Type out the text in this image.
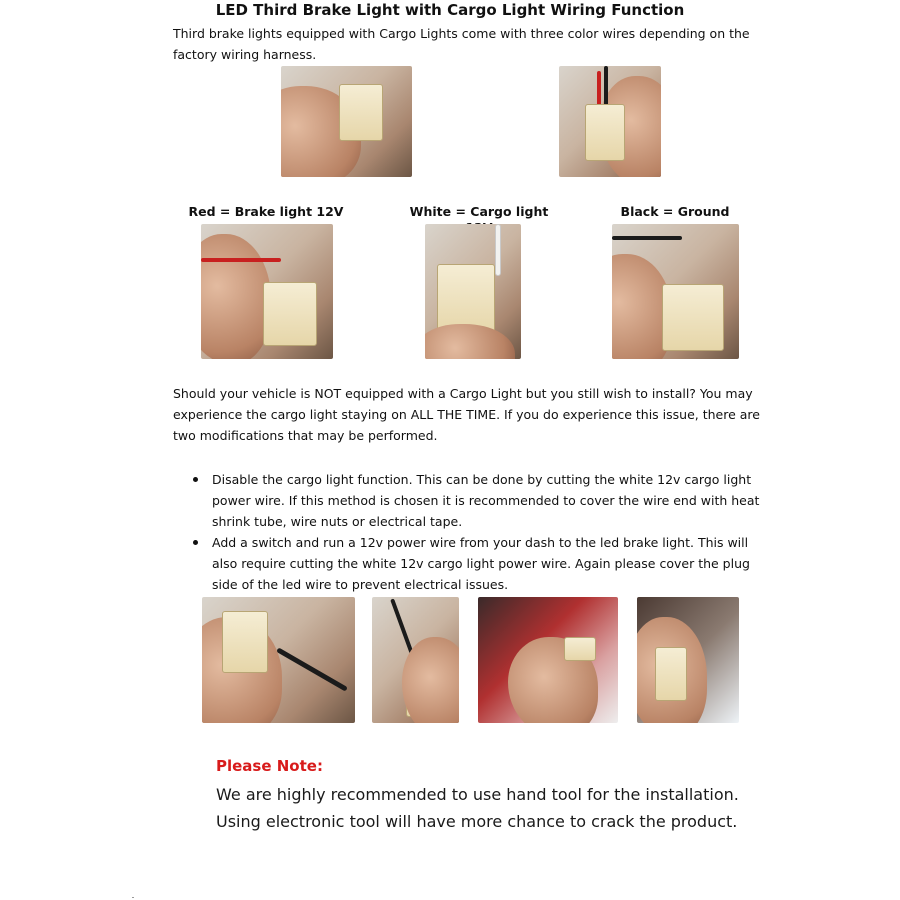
LED Third Brake Light with Cargo Light Wiring Function

Third brake lights equipped with Cargo Lights come with three color wires depending on the factory wiring harness.

Red = Brake light 12V	White = Cargo light	Black = Ground

Should your vehicle is NOT equipped with a Cargo Light but you still wish to install? You may experience the cargo light staying on ALL THE TIME. If you do experience this issue, there are two modifications that may be performed.

Disable the cargo light function. This can be done by cutting the white 12v cargo light power wire. If this method is chosen it is recommended to cover the wire end with heat shrink tube, wire nuts or electrical tape.
Add a switch and run a 12v power wire from your dash to the led brake light. This will also require cutting the white 12v cargo light power wire. Again please cover the plug side of the led wire to prevent electrical issues.
Please Note:

We are highly recommended to use hand tool for the installation. Using electronic tool will have more chance to crack the product.
